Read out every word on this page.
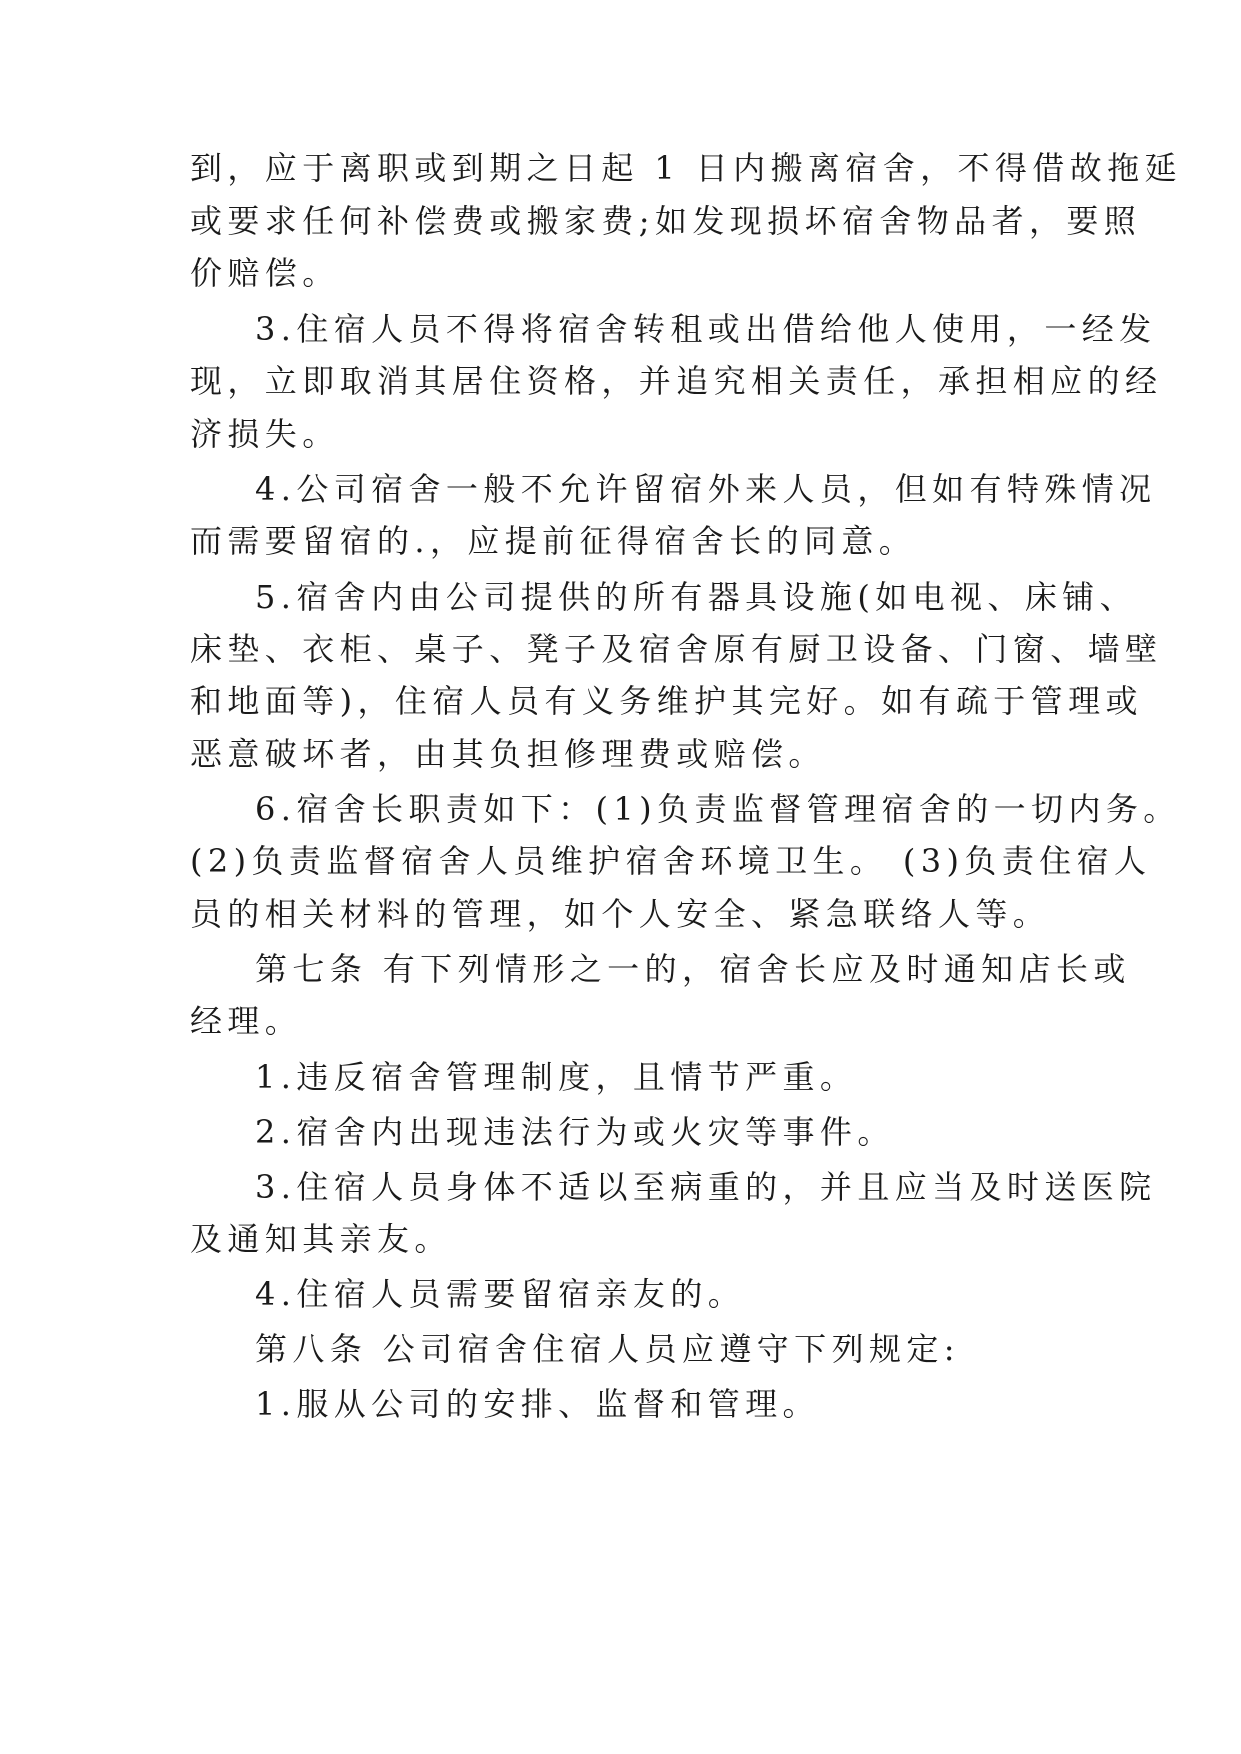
到，应于离职或到期之日起 1 日内搬离宿舍，不得借故拖延
或要求任何补偿费或搬家费;如发现损坏宿舍物品者，要照
价赔偿。
3.住宿人员不得将宿舍转租或出借给他人使用，一经发
现，立即取消其居住资格，并追究相关责任，承担相应的经
济损失。
4.公司宿舍一般不允许留宿外来人员，但如有特殊情况
而需要留宿的.，应提前征得宿舍长的同意。
5.宿舍内由公司提供的所有器具设施(如电视、床铺、
床垫、衣柜、桌子、凳子及宿舍原有厨卫设备、门窗、墙壁
和地面等)，住宿人员有义务维护其完好。如有疏于管理或
恶意破坏者，由其负担修理费或赔偿。
6.宿舍长职责如下：(1)负责监督管理宿舍的一切内务。
(2)负责监督宿舍人员维护宿舍环境卫生。 (3)负责住宿人
员的相关材料的管理，如个人安全、紧急联络人等。
第七条 有下列情形之一的，宿舍长应及时通知店长或
经理。
1.违反宿舍管理制度，且情节严重。
2.宿舍内出现违法行为或火灾等事件。
3.住宿人员身体不适以至病重的，并且应当及时送医院
及通知其亲友。
4.住宿人员需要留宿亲友的。
第八条 公司宿舍住宿人员应遵守下列规定:
1.服从公司的安排、监督和管理。
